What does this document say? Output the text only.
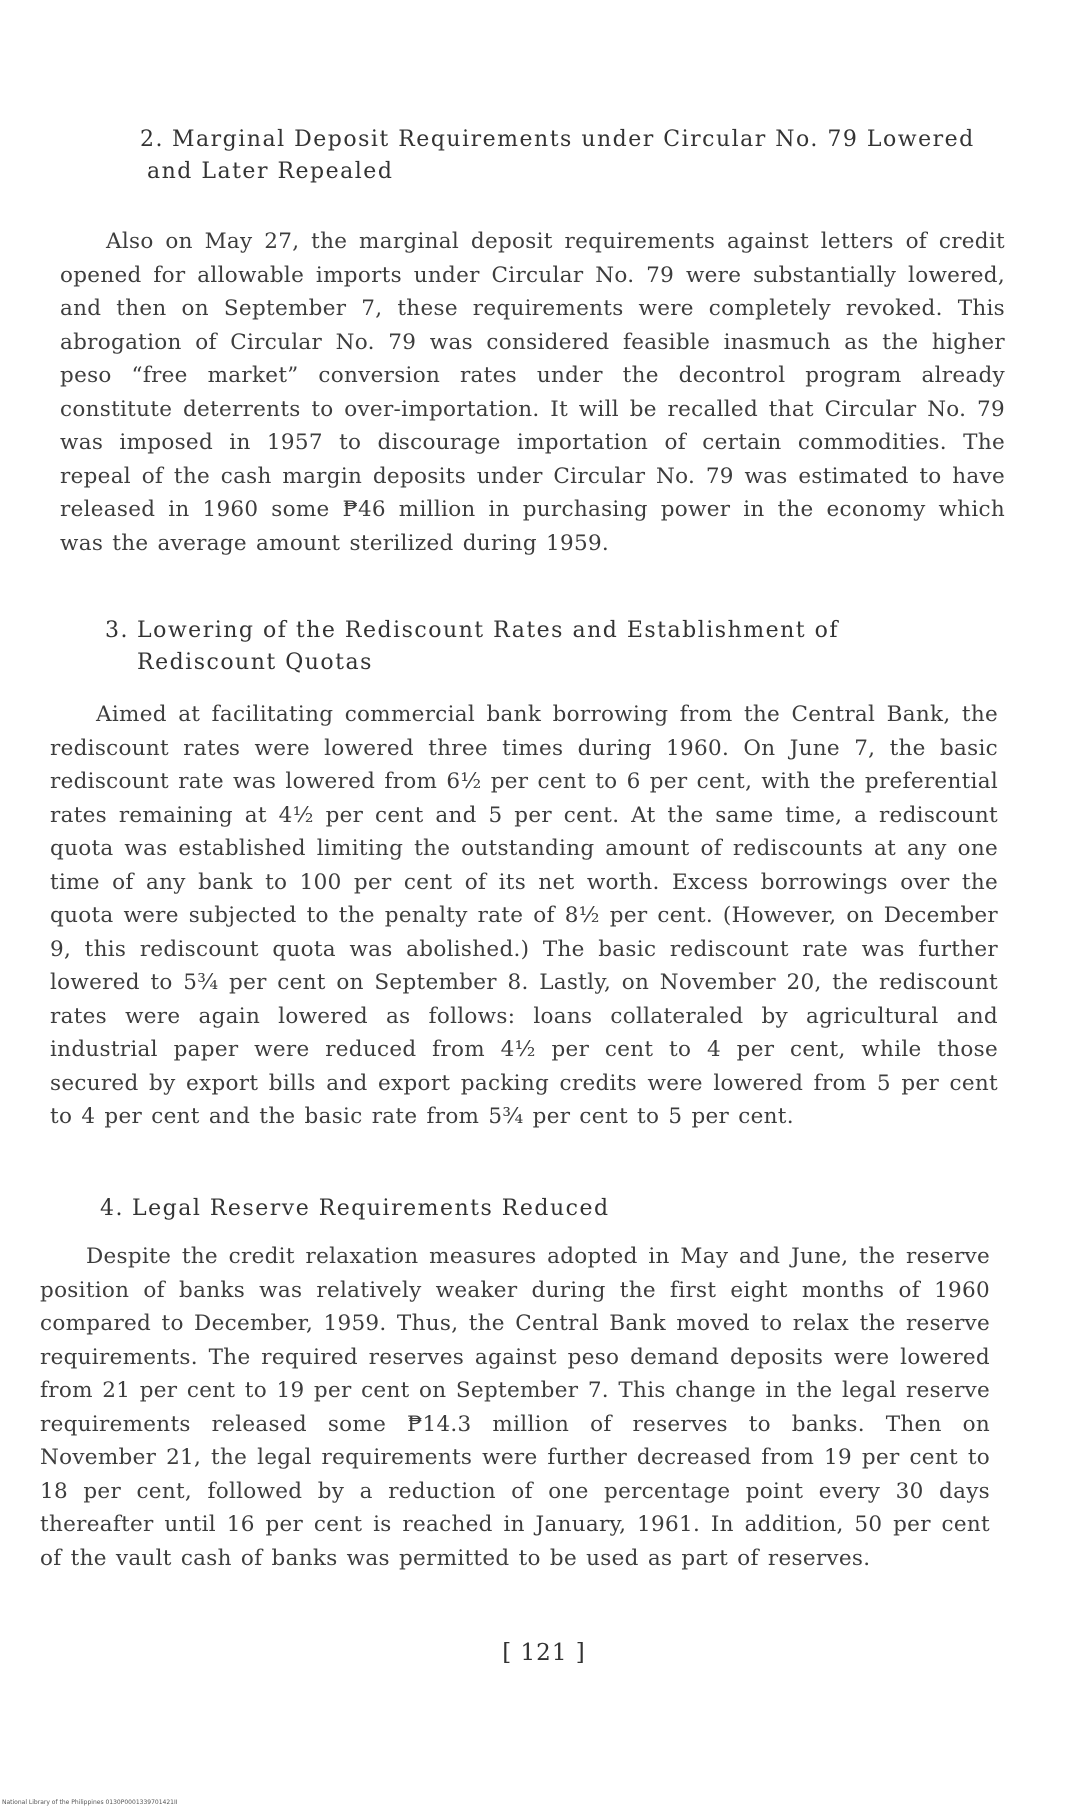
2. Marginal Deposit Requirements under Circular No. 79 Lowered
and Later Repealed

Also on May 27, the marginal deposit requirements against letters of credit opened for allowable imports under Circular No. 79 were substantially lowered, and then on September 7, these requirements were completely revoked. This abrogation of Circular No. 79 was considered feasible inasmuch as the higher peso “free market” conversion rates under the decontrol program already constitute deterrents to over-importation. It will be recalled that Circular No. 79 was imposed in 1957 to discourage importation of certain commodities. The repeal of the cash margin deposits under Circular No. 79 was estimated to have released in 1960 some ₱46 million in purchasing power in the economy which was the average amount sterilized during 1959.

3. Lowering of the Rediscount Rates and Establishment of
Rediscount Quotas

Aimed at facilitating commercial bank borrowing from the Central Bank, the rediscount rates were lowered three times during 1960. On June 7, the basic rediscount rate was lowered from 6½ per cent to 6 per cent, with the preferential rates remaining at 4½ per cent and 5 per cent. At the same time, a rediscount quota was established limiting the outstanding amount of rediscounts at any one time of any bank to 100 per cent of its net worth. Excess borrowings over the quota were subjected to the penalty rate of 8½ per cent. (However, on December 9, this rediscount quota was abolished.) The basic rediscount rate was further lowered to 5¾ per cent on September 8. Lastly, on November 20, the rediscount rates were again lowered as follows: loans collateraled by agricultural and industrial paper were reduced from 4½ per cent to 4 per cent, while those secured by export bills and export packing credits were lowered from 5 per cent to 4 per cent and the basic rate from 5¾ per cent to 5 per cent.

4. Legal Reserve Requirements Reduced

Despite the credit relaxation measures adopted in May and June, the reserve position of banks was relatively weaker during the first eight months of 1960 compared to December, 1959. Thus, the Central Bank moved to relax the reserve requirements. The required reserves against peso demand deposits were lowered from 21 per cent to 19 per cent on September 7. This change in the legal reserve requirements released some ₱14.3 million of reserves to banks. Then on November 21, the legal requirements were further decreased from 19 per cent to 18 per cent, followed by a reduction of one percentage point every 30 days thereafter until 16 per cent is reached in January, 1961. In addition, 50 per cent of the vault cash of banks was permitted to be used as part of reserves.

[ 121 ]
National Library of the Philippines 0130P0001339701421II
